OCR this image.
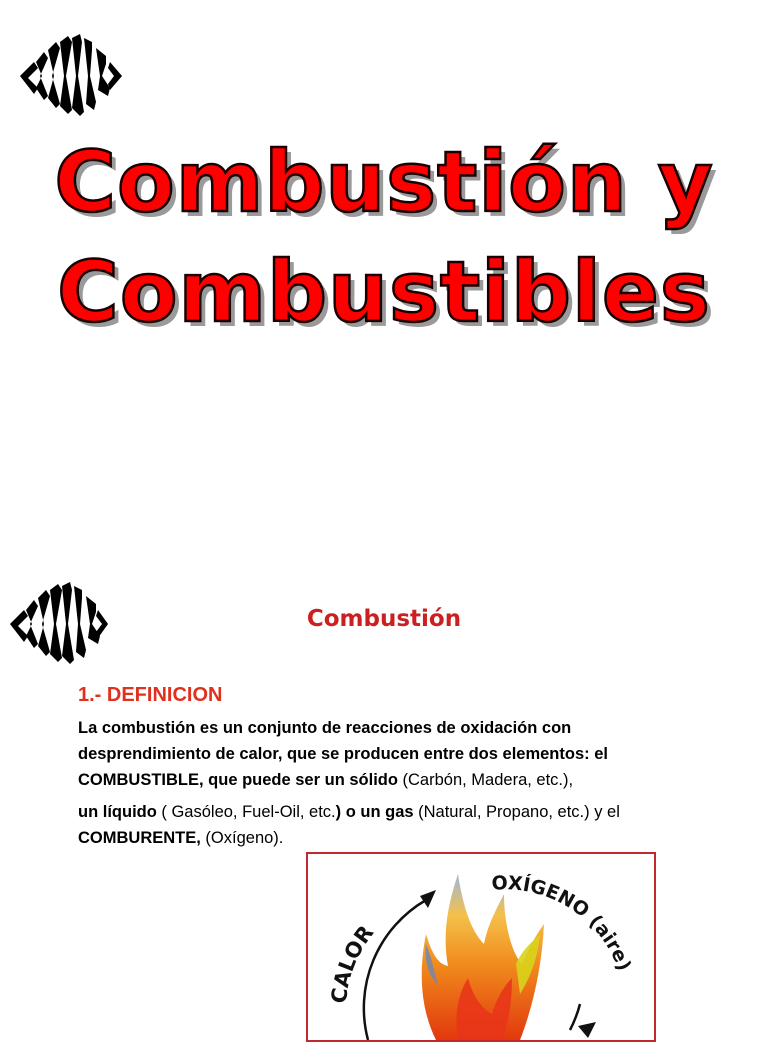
Combustión y
Combustibles
Combustión
1.- DEFINICION
La combustión es un conjunto de reacciones de oxidación con
desprendimiento de calor, que se producen entre dos elementos: el
COMBUSTIBLE, que puede ser un sólido (Carbón, Madera, etc.),
un líquido ( Gasóleo, Fuel-Oil, etc.) o un gas (Natural, Propano, etc.) y el
COMBURENTE, (Oxígeno).
CALOR
OXÍGENO (aire)
